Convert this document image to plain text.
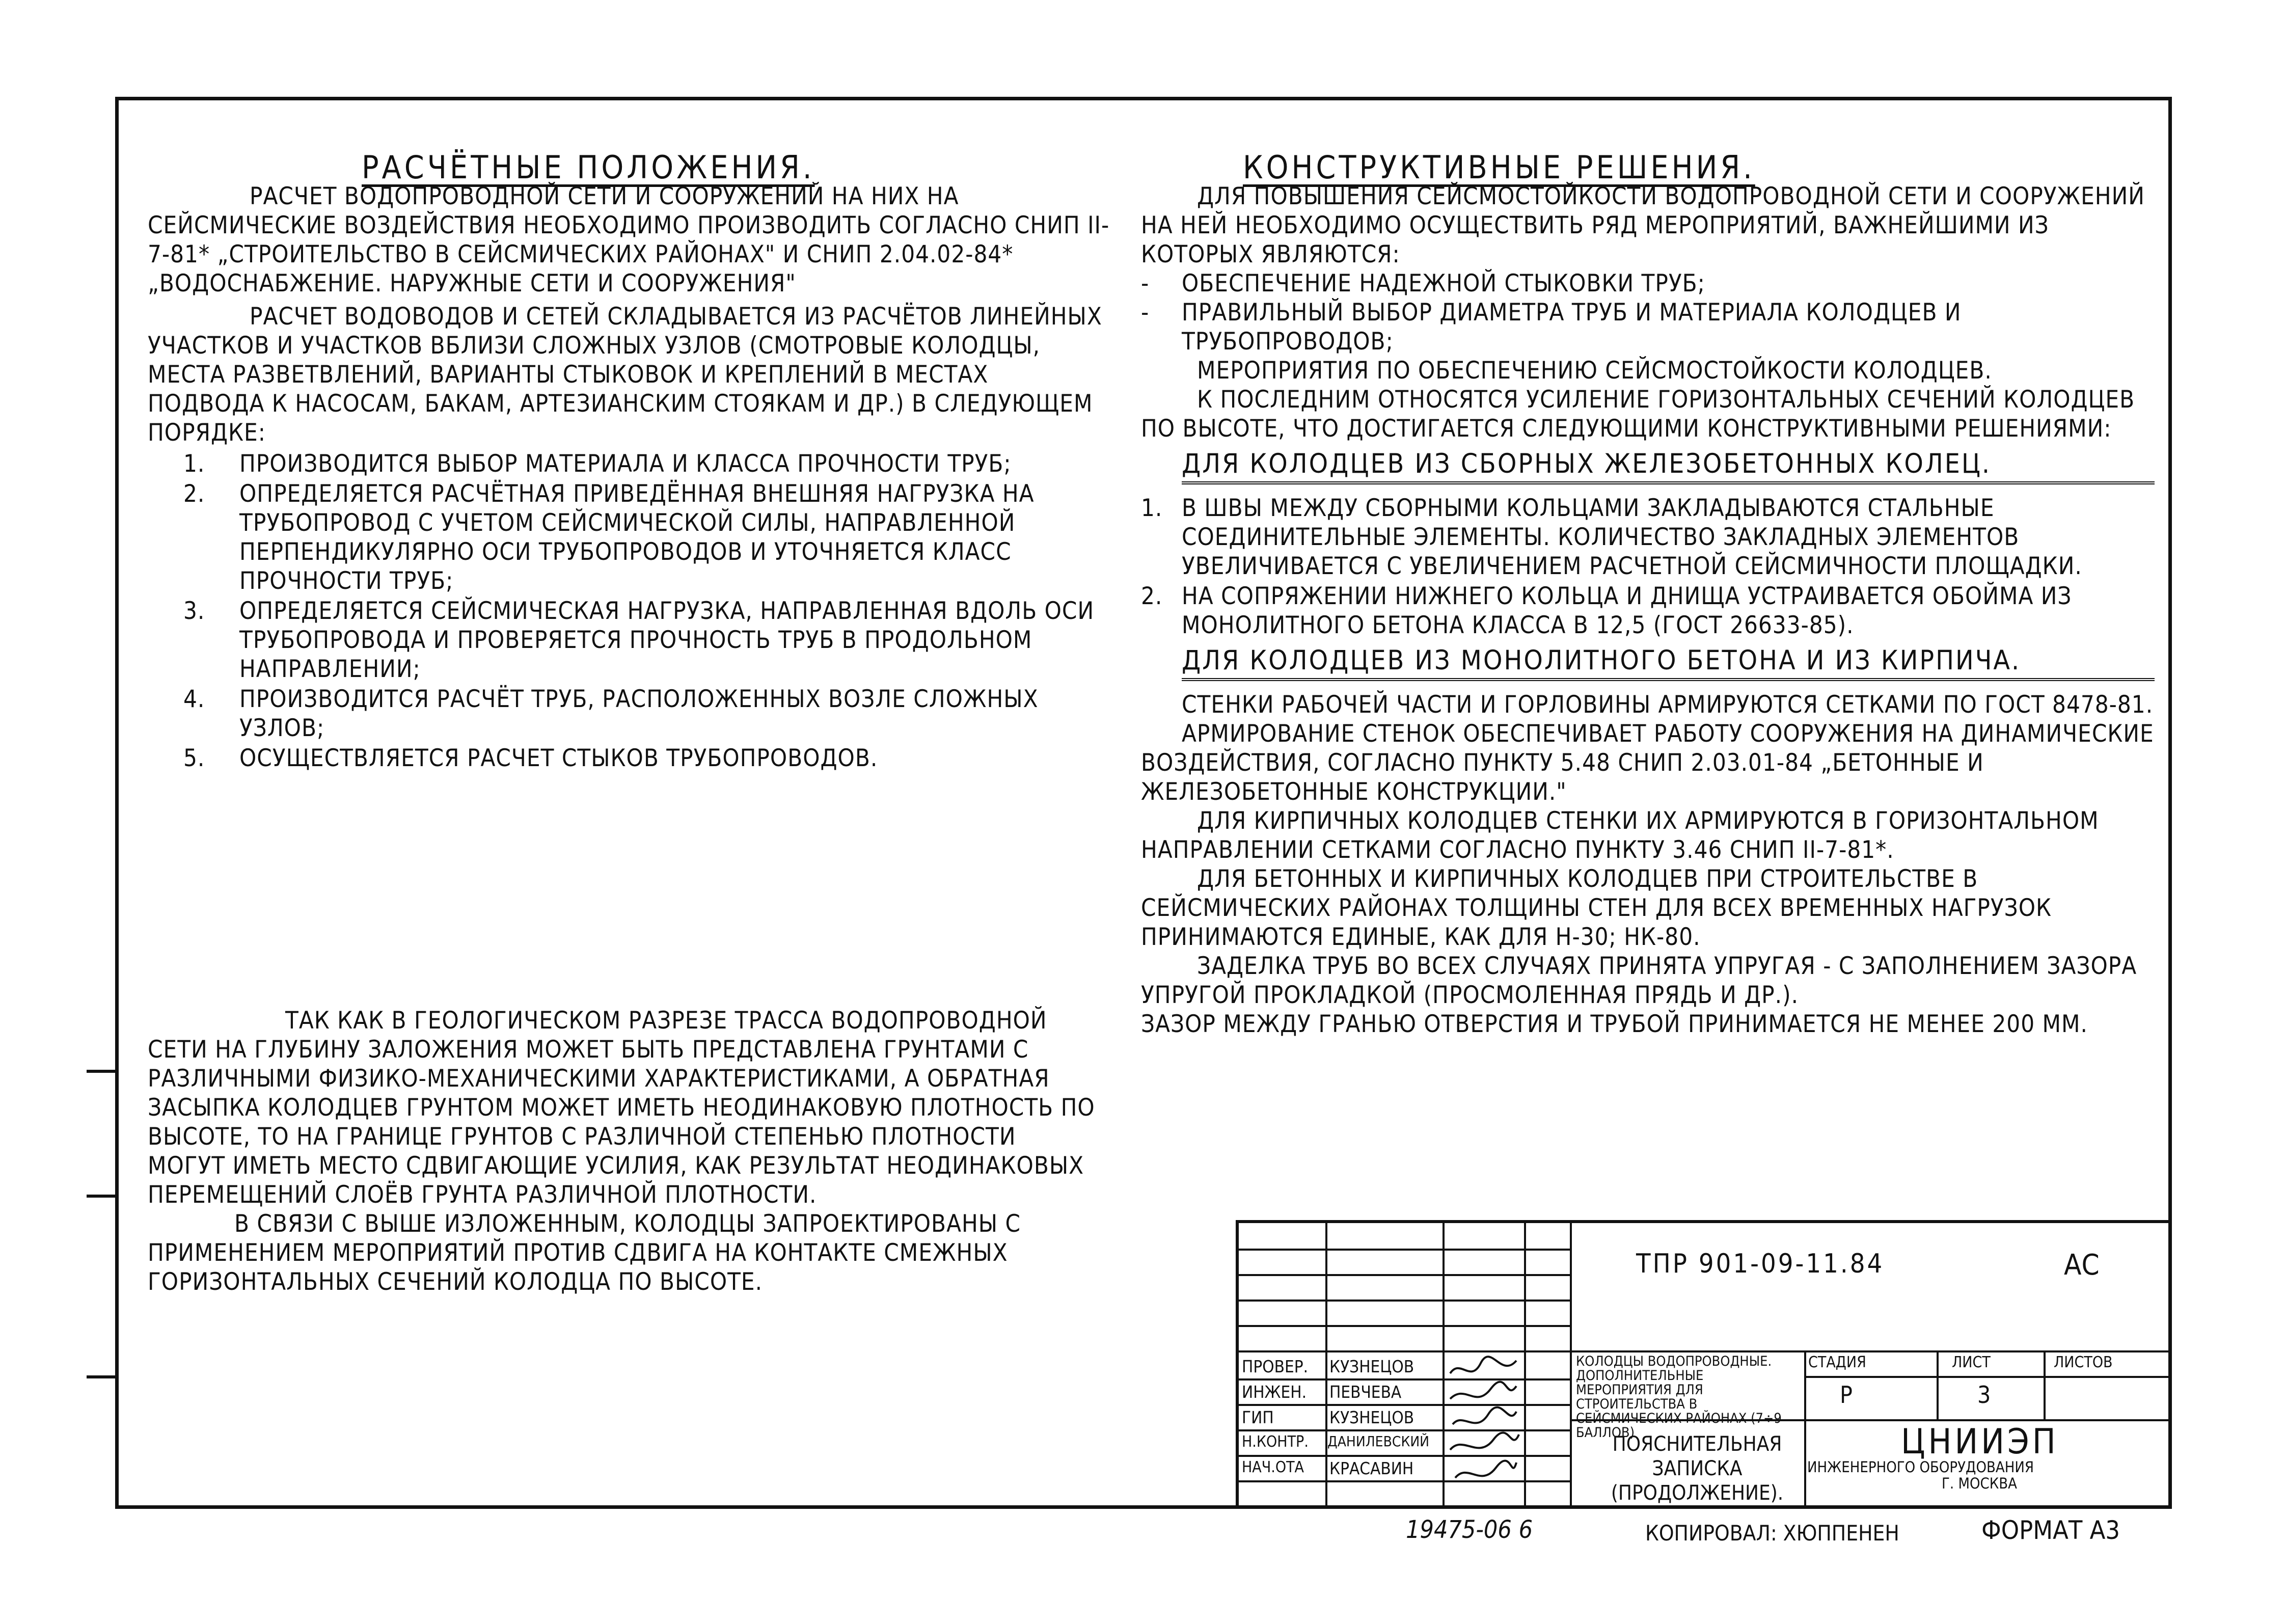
РАСЧЁТНЫЕ ПОЛОЖЕНИЯ.

РАСЧЕТ ВОДОПРОВОДНОЙ СЕТИ И СООРУЖЕНИЙ НА НИХ НА СЕЙСМИЧЕСКИЕ ВОЗДЕЙСТВИЯ НЕОБХОДИМО ПРОИЗВОДИТЬ СОГЛАСНО СНИП II-7-81* „СТРОИТЕЛЬСТВО В СЕЙСМИЧЕСКИХ РАЙОНАХ" И СНИП 2.04.02-84* „ВОДОСНАБЖЕНИЕ. НАРУЖНЫЕ СЕТИ И СООРУЖЕНИЯ"

РАСЧЕТ ВОДОВОДОВ И СЕТЕЙ СКЛАДЫВАЕТСЯ ИЗ РАСЧЁТОВ ЛИНЕЙНЫХ УЧАСТКОВ И УЧАСТКОВ ВБЛИЗИ СЛОЖНЫХ УЗЛОВ (СМОТРОВЫЕ КОЛОДЦЫ, МЕСТА РАЗВЕТВЛЕНИЙ, ВАРИАНТЫ СТЫКОВОК И КРЕПЛЕНИЙ В МЕСТАХ ПОДВОДА К НАСОСАМ, БАКАМ, АРТЕЗИАНСКИМ СТОЯКАМ И ДР.) В СЛЕДУЮЩЕМ ПОРЯДКЕ:

1.	ПРОИЗВОДИТСЯ ВЫБОР МАТЕРИАЛА И КЛАССА ПРОЧНОСТИ ТРУБ;
2.	ОПРЕДЕЛЯЕТСЯ РАСЧЁТНАЯ ПРИВЕДЁННАЯ ВНЕШНЯЯ НАГРУЗКА НА ТРУБОПРОВОД С УЧЕТОМ СЕЙСМИЧЕСКОЙ СИЛЫ, НАПРАВЛЕННОЙ ПЕРПЕНДИКУЛЯРНО ОСИ ТРУБОПРОВОДОВ И УТОЧНЯЕТСЯ КЛАСС ПРОЧНОСТИ ТРУБ;
3.	ОПРЕДЕЛЯЕТСЯ СЕЙСМИЧЕСКАЯ НАГРУЗКА, НАПРАВЛЕННАЯ ВДОЛЬ ОСИ ТРУБОПРОВОДА И ПРОВЕРЯЕТСЯ ПРОЧНОСТЬ ТРУБ В ПРОДОЛЬНОМ НАПРАВЛЕНИИ;
4.	ПРОИЗВОДИТСЯ РАСЧЁТ ТРУБ, РАСПОЛОЖЕННЫХ ВОЗЛЕ СЛОЖНЫХ УЗЛОВ;
5.	ОСУЩЕСТВЛЯЕТСЯ РАСЧЕТ СТЫКОВ ТРУБОПРОВОДОВ.

ТАК КАК В ГЕОЛОГИЧЕСКОМ РАЗРЕЗЕ ТРАССА ВОДОПРОВОДНОЙ СЕТИ НА ГЛУБИНУ ЗАЛОЖЕНИЯ МОЖЕТ БЫТЬ ПРЕДСТАВЛЕНА ГРУНТАМИ С РАЗЛИЧНЫМИ ФИЗИКО-МЕХАНИЧЕСКИМИ ХАРАКТЕРИСТИКАМИ, А ОБРАТНАЯ ЗАСЫПКА КОЛОДЦЕВ ГРУНТОМ МОЖЕТ ИМЕТЬ НЕОДИНАКОВУЮ ПЛОТНОСТЬ ПО ВЫСОТЕ, ТО НА ГРАНИЦЕ ГРУНТОВ С РАЗЛИЧНОЙ СТЕПЕНЬЮ ПЛОТНОСТИ МОГУТ ИМЕТЬ МЕСТО СДВИГАЮЩИЕ УСИЛИЯ, КАК РЕЗУЛЬТАТ НЕОДИНАКОВЫХ ПЕРЕМЕЩЕНИЙ СЛОЁВ ГРУНТА РАЗЛИЧНОЙ ПЛОТНОСТИ.

В СВЯЗИ С ВЫШЕ ИЗЛОЖЕННЫМ, КОЛОДЦЫ ЗАПРОЕКТИРОВАНЫ С ПРИМЕНЕНИЕМ МЕРОПРИЯТИЙ ПРОТИВ СДВИГА НА КОНТАКТЕ СМЕЖНЫХ ГОРИЗОНТАЛЬНЫХ СЕЧЕНИЙ КОЛОДЦА ПО ВЫСОТЕ.

КОНСТРУКТИВНЫЕ РЕШЕНИЯ.

ДЛЯ ПОВЫШЕНИЯ СЕЙСМОСТОЙКОСТИ ВОДОПРОВОДНОЙ СЕТИ И СООРУЖЕНИЙ НА НЕЙ НЕОБХОДИМО ОСУЩЕСТВИТЬ РЯД МЕРОПРИЯТИЙ, ВАЖНЕЙШИМИ ИЗ КОТОРЫХ ЯВЛЯЮТСЯ:

-	ОБЕСПЕЧЕНИЕ НАДЕЖНОЙ СТЫКОВКИ ТРУБ;
-	ПРАВИЛЬНЫЙ ВЫБОР ДИАМЕТРА ТРУБ И МАТЕРИАЛА КОЛОДЦЕВ И ТРУБОПРОВОДОВ;

МЕРОПРИЯТИЯ ПО ОБЕСПЕЧЕНИЮ СЕЙСМОСТОЙКОСТИ КОЛОДЦЕВ.

К ПОСЛЕДНИМ ОТНОСЯТСЯ УСИЛЕНИЕ ГОРИЗОНТАЛЬНЫХ СЕЧЕНИЙ КОЛОДЦЕВ ПО ВЫСОТЕ, ЧТО ДОСТИГАЕТСЯ СЛЕДУЮЩИМИ КОНСТРУКТИВНЫМИ РЕШЕНИЯМИ:

ДЛЯ КОЛОДЦЕВ ИЗ СБОРНЫХ ЖЕЛЕЗОБЕТОННЫХ КОЛЕЦ.
1. В ШВЫ МЕЖДУ СБОРНЫМИ КОЛЬЦАМИ ЗАКЛАДЫВАЮТСЯ СТАЛЬНЫЕ СОЕДИНИТЕЛЬНЫЕ ЭЛЕМЕНТЫ. КОЛИЧЕСТВО ЗАКЛАДНЫХ ЭЛЕМЕНТОВ УВЕЛИЧИВАЕТСЯ С УВЕЛИЧЕНИЕМ РАСЧЕТНОЙ СЕЙСМИЧНОСТИ ПЛОЩАДКИ.
2. НА СОПРЯЖЕНИИ НИЖНЕГО КОЛЬЦА И ДНИЩА УСТРАИВАЕТСЯ ОБОЙМА ИЗ МОНОЛИТНОГО БЕТОНА КЛАССА В 12,5 (ГОСТ 26633-85).
ДЛЯ КОЛОДЦЕВ ИЗ МОНОЛИТНОГО БЕТОНА И ИЗ КИРПИЧА.

СТЕНКИ РАБОЧЕЙ ЧАСТИ И ГОРЛОВИНЫ АРМИРУЮТСЯ СЕТКАМИ ПО ГОСТ 8478-81.

АРМИРОВАНИЕ СТЕНОК ОБЕСПЕЧИВАЕТ РАБОТУ СООРУЖЕНИЯ НА ДИНАМИЧЕСКИЕ ВОЗДЕЙСТВИЯ, СОГЛАСНО ПУНКТУ 5.48 СНИП 2.03.01-84 „БЕТОННЫЕ И ЖЕЛЕЗОБЕТОННЫЕ КОНСТРУКЦИИ."

ДЛЯ КИРПИЧНЫХ КОЛОДЦЕВ СТЕНКИ ИХ АРМИРУЮТСЯ В ГОРИЗОНТАЛЬНОМ НАПРАВЛЕНИИ СЕТКАМИ СОГЛАСНО ПУНКТУ 3.46 СНИП II-7-81*.

ДЛЯ БЕТОННЫХ И КИРПИЧНЫХ КОЛОДЦЕВ ПРИ СТРОИТЕЛЬСТВЕ В СЕЙСМИЧЕСКИХ РАЙОНАХ ТОЛЩИНЫ СТЕН ДЛЯ ВСЕХ ВРЕМЕННЫХ НАГРУЗОК ПРИНИМАЮТСЯ ЕДИНЫЕ, КАК ДЛЯ Н-30; НК-80.

ЗАДЕЛКА ТРУБ ВО ВСЕХ СЛУЧАЯХ ПРИНЯТА УПРУГАЯ - С ЗАПОЛНЕНИЕМ ЗАЗОРА УПРУГОЙ ПРОКЛАДКОЙ (ПРОСМОЛЕННАЯ ПРЯДЬ И ДР.).

ЗАЗОР МЕЖДУ ГРАНЬЮ ОТВЕРСТИЯ И ТРУБОЙ ПРИНИМАЕТСЯ НЕ МЕНЕЕ 200 ММ.

ТПР 901-09-11.84	АС
КОЛОДЦЫ ВОДОПРОВОДНЫЕ. ДОПОЛНИТЕЛЬНЫЕ МЕРОПРИЯТИЯ ДЛЯ СТРОИТЕЛЬСТВА В СЕЙСМИЧЕСКИХ РАЙОНАХ (7÷9 БАЛЛОВ)
СТАДИЯ	ЛИСТ	ЛИСТОВ
Р	3
ПОЯСНИТЕЛЬНАЯ ЗАПИСКА (ПРОДОЛЖЕНИЕ).
ЦНИИЭП
ИНЖЕНЕРНОГО ОБОРУДОВАНИЯ
Г. МОСКВА
ПРОВЕР. КУЗНЕЦОВ
ИНЖЕН. ПЕВЧЕВА
ГИП	КУЗНЕЦОВ
Н.КОНТР. ДАНИЛЕВСКИЙ
НАЧ.ОТА КРАСАВИН
19475-06 6	КОПИРОВАЛ: ХЮППЕНЕН	ФОРМАТ А3
